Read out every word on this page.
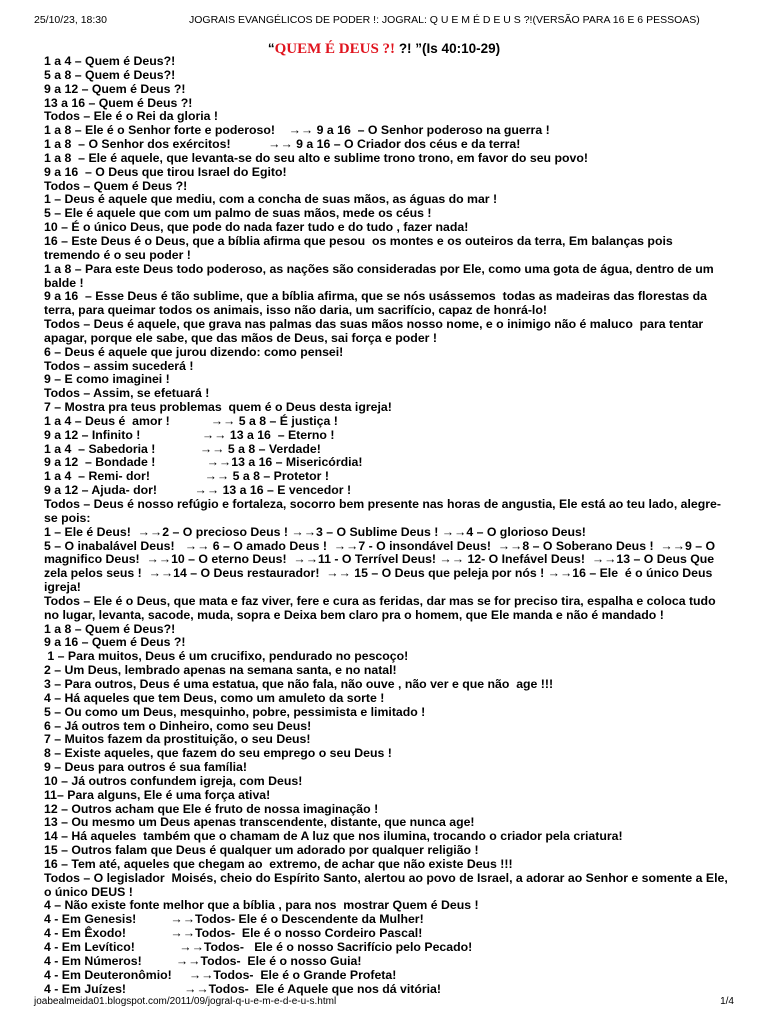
25/10/23, 18:30	JOGRAIS EVANGÉLICOS DE PODER !: JOGRAL: Q U E M É D E U S ?!(VERSÃO PARA 16 E 6 PESSOAS)
“QUEM É DEUS ?! ?! ”(Is 40:10-29)
1 a 4 – Quem é Deus?!
5 a 8 – Quem é Deus?!
9 a 12 – Quem é Deus ?!
13 a 16 – Quem é Deus ?!
Todos – Ele é o Rei da gloria !
1 a 8 – Ele é o Senhor forte e poderoso!    →→ 9 a 16  – O Senhor poderoso na guerra !
1 a 8  – O Senhor dos exércitos!           →→ 9 a 16 – O Criador dos céus e da terra!
1 a 8  – Ele é aquele, que levanta-se do seu alto e sublime trono trono, em favor do seu povo!
9 a 16  – O Deus que tirou Israel do Egito!
Todos – Quem é Deus ?!
1 – Deus é aquele que mediu, com a concha de suas mãos, as águas do mar !
5 – Ele é aquele que com um palmo de suas mãos, mede os céus !
10 – É o único Deus, que pode do nada fazer tudo e do tudo , fazer nada!
16 – Este Deus é o Deus, que a bíblia afirma que pesou  os montes e os outeiros da terra, Em balanças pois tremendo é o seu poder !
1 a 8 – Para este Deus todo poderoso, as nações são consideradas por Ele, como uma gota de água, dentro de um balde !
9 a 16  – Esse Deus é tão sublime, que a bíblia afirma, que se nós usássemos  todas as madeiras das florestas da terra, para queimar todos os animais, isso não daria, um sacrifício, capaz de honrá-lo!
Todos – Deus é aquele, que grava nas palmas das suas mãos nosso nome, e o inimigo não é maluco  para tentar apagar, porque ele sabe, que das mãos de Deus, sai força e poder !
6 – Deus é aquele que jurou dizendo: como pensei!
Todos – assim sucederá !
9 – E como imaginei !
Todos – Assim, se efetuará !
7 – Mostra pra teus problemas  quem é o Deus desta igreja!
1 a 4 – Deus é  amor !            →→ 5 a 8 – É justiça !
9 a 12 – Infinito !                  →→ 13 a 16  – Eterno !
1 a 4  – Sabedoria !             →→ 5 a 8 – Verdade!
9 a 12  – Bondade !               →→13 a 16 – Misericórdia!
1 a 4  – Remi- dor!                →→ 5 a 8 – Protetor !
9 a 12 – Ajuda- dor!           →→ 13 a 16 – E vencedor !
Todos – Deus é nosso refúgio e fortaleza, socorro bem presente nas horas de angustia, Ele está ao teu lado, alegre-se pois:
1 – Ele é Deus!  →→2 – O precioso Deus ! →→3 – O Sublime Deus ! →→4 – O glorioso Deus!
5 – O inabalável Deus!   →→ 6 – O amado Deus !  →→7 - O insondável Deus!  →→8 – O Soberano Deus !  →→9 – O magnifico Deus!  →→10 – O eterno Deus!  →→11 - O Terrível Deus! →→ 12- O Inefável Deus!  →→13 – O Deus Que zela pelos seus !  →→14 – O Deus restaurador!  →→ 15 – O Deus que peleja por nós ! →→16 – Ele  é o único Deus igreja!
Todos – Ele é o Deus, que mata e faz viver, fere e cura as feridas, dar mas se for preciso tira, espalha e coloca tudo no lugar, levanta, sacode, muda, sopra e Deixa bem claro pra o homem, que Ele manda e não é mandado !
1 a 8 – Quem é Deus?!
9 a 16 – Quem é Deus ?!
1 – Para muitos, Deus é um crucifixo, pendurado no pescoço!
2 – Um Deus, lembrado apenas na semana santa, e no natal!
3 – Para outros, Deus é uma estatua, que não fala, não ouve , não ver e que não  age !!!
4 – Há aqueles que tem Deus, como um amuleto da sorte !
5 – Ou como um Deus, mesquinho, pobre, pessimista e limitado !
6 – Já outros tem o Dinheiro, como seu Deus!
7 – Muitos fazem da prostituição, o seu Deus!
8 – Existe aqueles, que fazem do seu emprego o seu Deus !
9 – Deus para outros é sua família!
10 – Já outros confundem igreja, com Deus!
11– Para alguns, Ele é uma força ativa!
12 – Outros acham que Ele é fruto de nossa imaginação !
13 – Ou mesmo um Deus apenas transcendente, distante, que nunca age!
14 – Há aqueles  também que o chamam de A luz que nos ilumina, trocando o criador pela criatura!
15 – Outros falam que Deus é qualquer um adorado por qualquer religião !
16 – Tem até, aqueles que chegam ao  extremo, de achar que não existe Deus !!!
Todos – O legislador  Moisés, cheio do Espírito Santo, alertou ao povo de Israel, a adorar ao Senhor e somente a Ele, o único DEUS !
4 – Não existe fonte melhor que a bíblia , para nos  mostrar Quem é Deus !
4 - Em Genesis!          →→Todos- Ele é o Descendente da Mulher!
4 - Em Êxodo!             →→Todos-  Ele é o nosso Cordeiro Pascal!
4 - Em Levítico!             →→Todos-   Ele é o nosso Sacrifício pelo Pecado!
4 - Em Números!          →→Todos-  Ele é o nosso Guia!
4 - Em Deuteronômio!     →→Todos-  Ele é o Grande Profeta!
4 - Em Juízes!                 →→Todos-  Ele é Aquele que nos dá vitória!
joabealmeida01.blogspot.com/2011/09/jogral-q-u-e-m-e-d-e-u-s.html	1/4
